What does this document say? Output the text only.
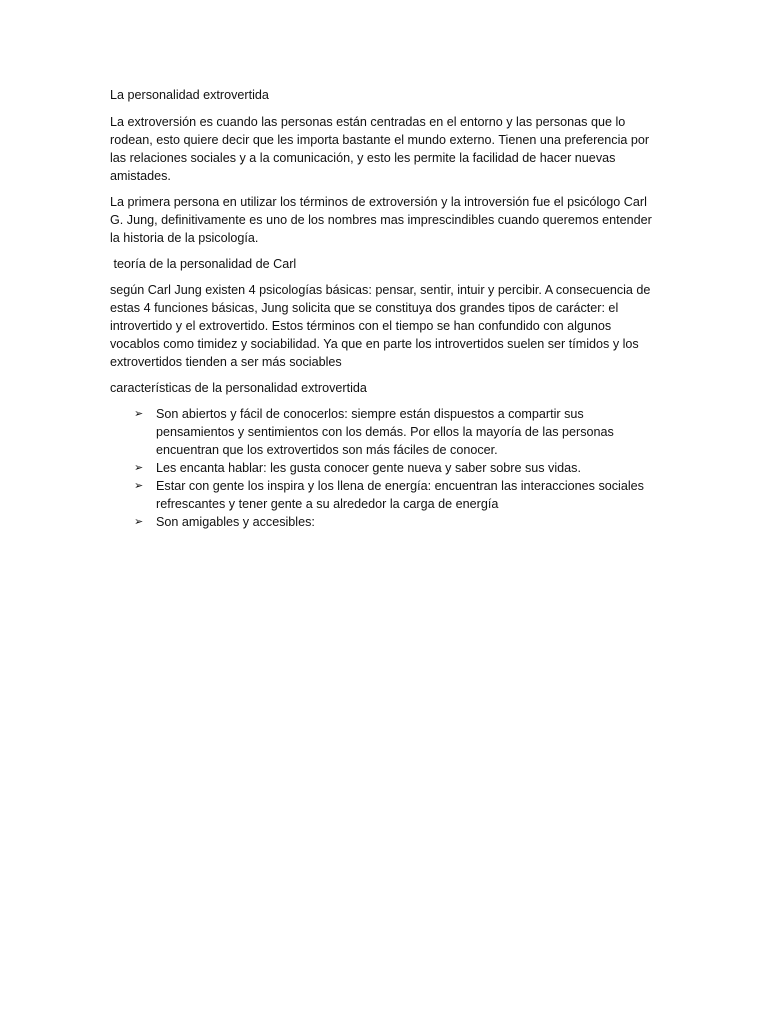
La personalidad extrovertida

La extroversión es cuando las personas están centradas en el entorno y las personas que lo rodean, esto quiere decir que les importa bastante el mundo externo. Tienen una preferencia por las relaciones sociales y a la comunicación, y esto les permite la facilidad de hacer nuevas amistades.

La primera persona en utilizar los términos de extroversión y la introversión fue el psicólogo Carl G. Jung, definitivamente es uno de los nombres mas imprescindibles cuando queremos entender la historia de la psicología.

teoría de la personalidad de Carl

según Carl Jung existen 4 psicologías básicas: pensar, sentir, intuir y percibir. A consecuencia de estas 4 funciones básicas, Jung solicita que se constituya dos grandes tipos de carácter: el introvertido y el extrovertido. Estos términos con el tiempo se han confundido con algunos vocablos como timidez y sociabilidad. Ya que en parte los introvertidos suelen ser tímidos y los extrovertidos tienden a ser más sociables

características de la personalidad extrovertida

➢ Son abiertos y fácil de conocerlos: siempre están dispuestos a compartir sus pensamientos y sentimientos con los demás. Por ellos la mayoría de las personas encuentran que los extrovertidos son más fáciles de conocer.
➢ Les encanta hablar: les gusta conocer gente nueva y saber sobre sus vidas.
➢ Estar con gente los inspira y los llena de energía: encuentran las interacciones sociales refrescantes y tener gente a su alrededor la carga de energía
➢ Son amigables y accesibles:
